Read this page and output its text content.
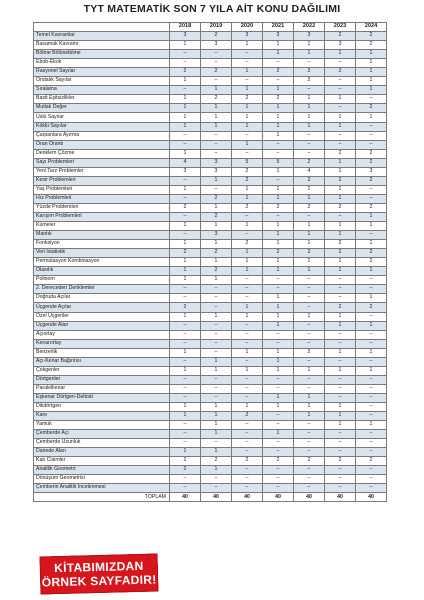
TYT MATEMATİK SON 7 YILA AİT KONU DAĞILIMI
	2018	2019	2020	2021	2022	2023	2024
Temel Kavramlar	3	2	3	3	3	2	2
Basamak Kavramı	1	3	1	1	1	3	2
Bölme Bölünebilme	–	–	–	1	1	1	1
Ebob-Ekok	–	–	–	–	–	–	1
Rasyonel Sayılar	2	2	1	2	2	2	1
Ondalık Sayılar	1	–	–	–	2	–	1
Sıralama	–	1	1	1	–	–	1
Basit Eşitsizlikler	1	2	2	2	1	1	–
Mutlak Değer	1	1	1	1	1	–	2
Üslü Sayılar	1	1	1	1	1	1	1
Köklü Sayılar	1	1	1	1	1	1	–
Çarpanlara Ayırma	–	–	–	1	–	–	–
Oran Orantı	–	–	1	–	–	–	–
Denklem Çözme	1	–	–	–	–	2	2
Sayı Problemleri	4	3	5	5	2	1	2
Yeni Tarz Problemler	3	3	2	1	4	1	3
Kesir Problemleri	–	1	2	–	2	2	2
Yaş Problemleri	1	–	1	1	1	1	–
Hız Problemleri	–	2	1	1	1	1	–
Yüzde Problemleri	2	1	2	2	2	2	2
Karışım Problemleri	–	2	–	–	–	–	1
Kümeler	1	1	1	1	1	1	1
Mantık	–	3	–	1	1	1	–
Fonksiyon	1	1	2	1	1	2	1
Veri İstatistik	2	2	1	2	2	2	2
Permütasyon Kombinasyon	1	1	1	1	1	1	2
Olasılık	1	2	1	1	1	1	1
Polinom	1	1	–	–	–	–	–
2. Dereceden Denklemler	–	–	–	–	–	–	–
Doğruda Açılar	–	–	–	1	–	–	1
Üçgende Açılar	2	–	1	1	–	2	2
Özel Üçgenler	1	1	1	1	1	1	–
Üçgende Alan	–	–	–	1	–	1	1
Açıortay	–	–	–	–	–	–	–
Kenarortay	–	–	–	–	–	–	–
Benzerlik	1	–	1	1	2	1	1
Açı-Kenar Bağıntısı	–	1	–	1	–	–	–
Çokgenler	1	1	1	1	1	1	1
Dörtgenler	–	–	–	–	–	–	–
Paralelkenar	–	–	–	–	–	–	–
Eşkenar Dörtgen-Deltoid	–	–	–	1	1	–	–
Dikdörtgen	1	1	1	1	1	1	–
Kare	1	1	2	–	1	1	–
Yamuk	–	1	–	–	–	1	1
Çemberde Açı	–	1	–	1	–	–	–
Çemberde Uzunluk	–	–	–	–	–	–	–
Dairede Alan	1	1	–	–	–	–	–
Katı Cisimler	2	2	2	2	2	2	2
Analitik Geometri	2	1	–	–	–	–	–
Dönüşüm Geometrisi	–	–	–	–	–	–	–
Çemberin Analitik İncelenmesi	–	–	–	–	–	–	–
TOPLAM	40	40	40	40	40	40	40
KİTABIMIZDAN
ÖRNEK SAYFADIR!
